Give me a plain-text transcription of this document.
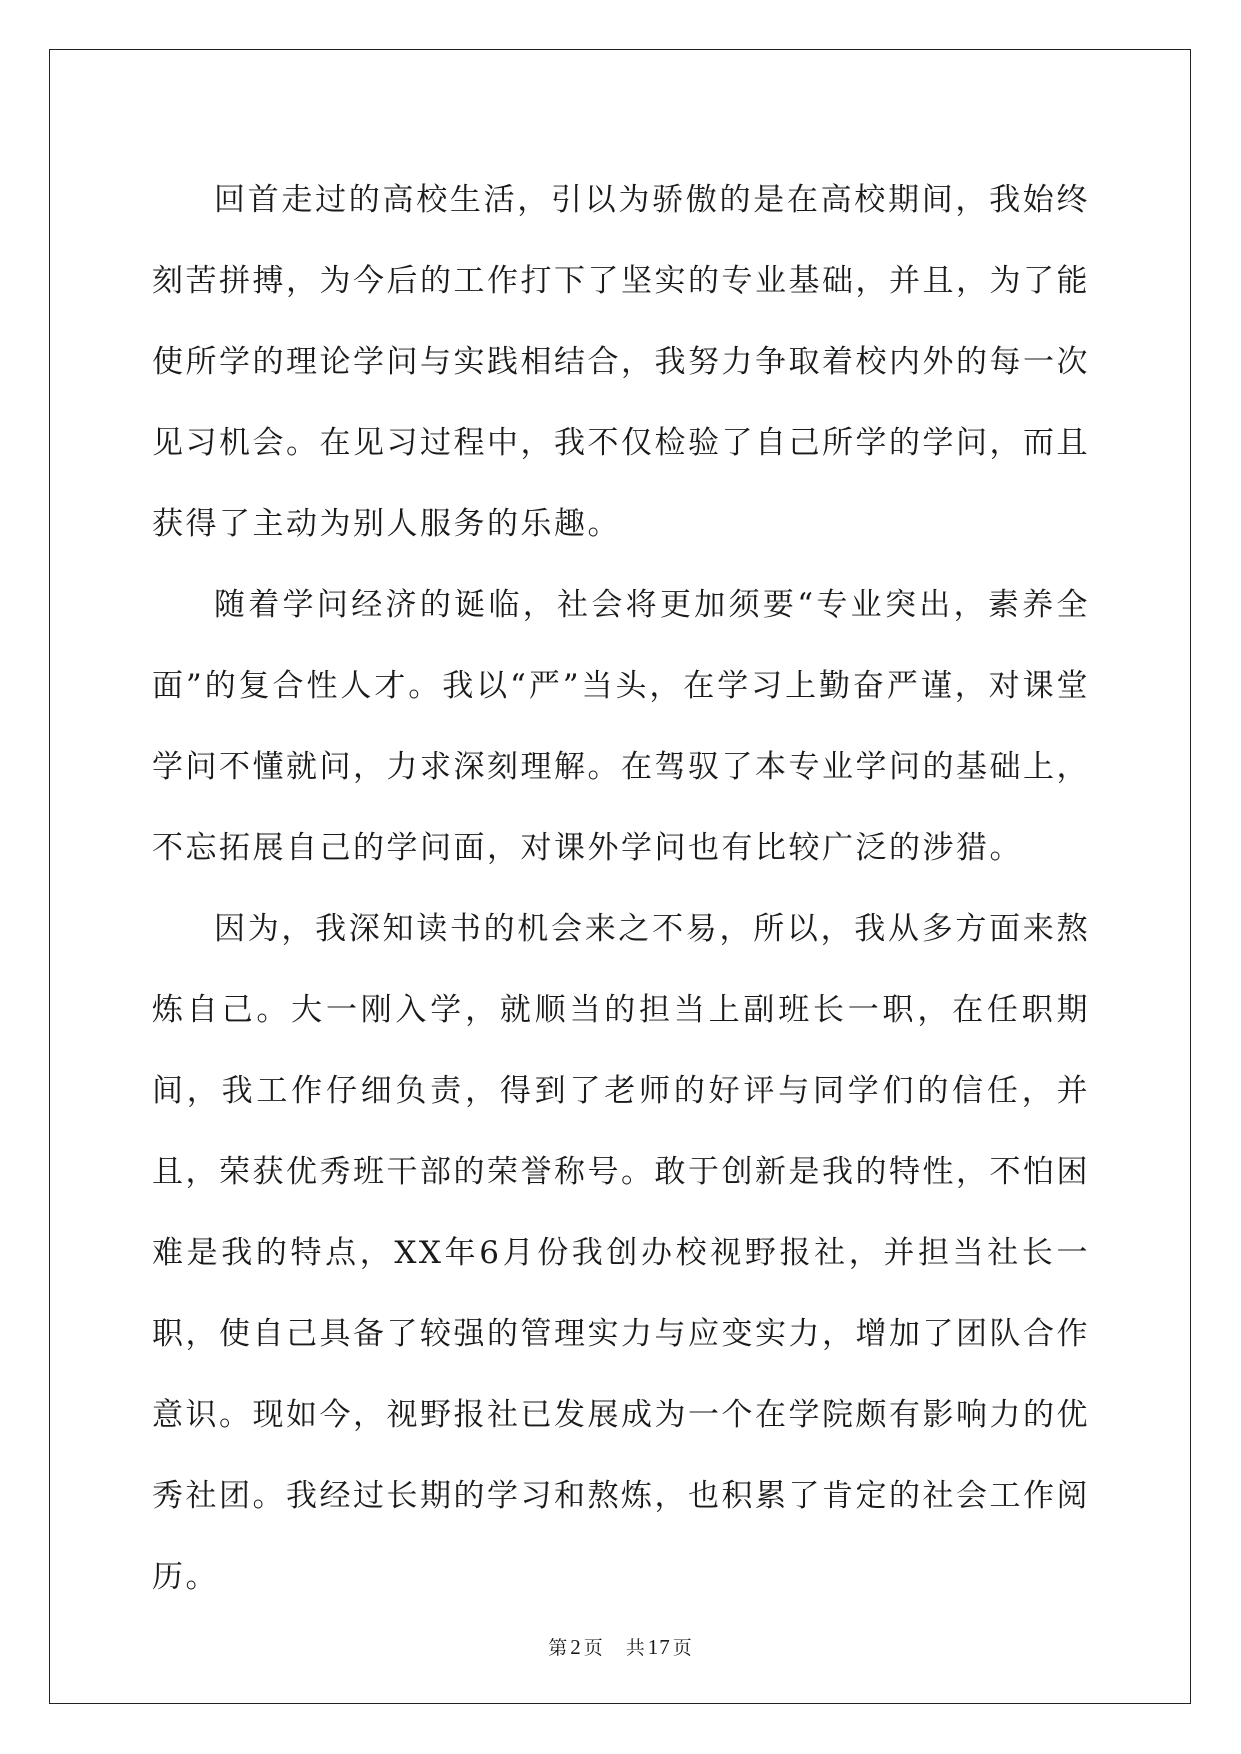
回首走过的高校生活，引以为骄傲的是在高校期间，我始终刻苦拼搏，为今后的工作打下了坚实的专业基础，并且，为了能使所学的理论学问与实践相结合，我努力争取着校内外的每一次见习机会。在见习过程中，我不仅检验了自己所学的学问，而且获得了主动为别人服务的乐趣。

随着学问经济的诞临，社会将更加须要“专业突出，素养全面”的复合性人才。我以“严”当头，在学习上勤奋严谨，对课堂学问不懂就问，力求深刻理解。在驾驭了本专业学问的基础上，不忘拓展自己的学问面，对课外学问也有比较广泛的涉猎。

因为，我深知读书的机会来之不易，所以，我从多方面来熬炼自己。大一刚入学，就顺当的担当上副班长一职，在任职期间，我工作仔细负责，得到了老师的好评与同学们的信任，并且，荣获优秀班干部的荣誉称号。敢于创新是我的特性，不怕困难是我的特点，XX年6月份我创办校视野报社，并担当社长一职，使自己具备了较强的管理实力与应变实力，增加了团队合作意识。现如今，视野报社已发展成为一个在学院颇有影响力的优秀社团。我经过长期的学习和熬炼，也积累了肯定的社会工作阅历。

第2 页 共17 页
